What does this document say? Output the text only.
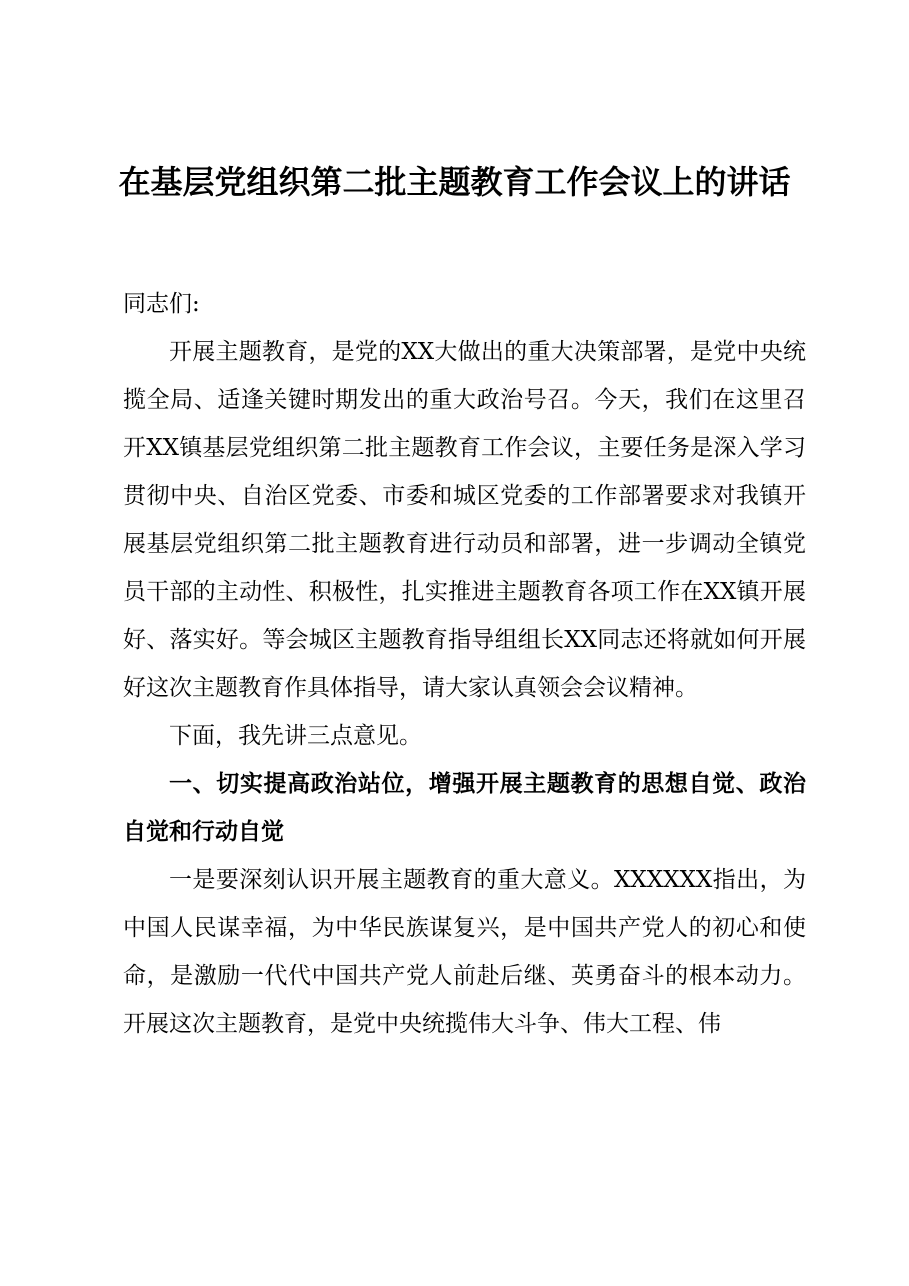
在基层党组织第二批主题教育工作会议上的讲话

同志们:

开展主题教育，是党的XX大做出的重大决策部署，是党中央统揽全局、适逢关键时期发出的重大政治号召。今天，我们在这里召开XX镇基层党组织第二批主题教育工作会议，主要任务是深入学习贯彻中央、自治区党委、市委和城区党委的工作部署要求对我镇开展基层党组织第二批主题教育进行动员和部署，进一步调动全镇党员干部的主动性、积极性，扎实推进主题教育各项工作在XX镇开展好、落实好。等会城区主题教育指导组组长XX同志还将就如何开展好这次主题教育作具体指导，请大家认真领会会议精神。

下面，我先讲三点意见。

一、切实提高政治站位，增强开展主题教育的思想自觉、政治自觉和行动自觉

一是要深刻认识开展主题教育的重大意义。XXXXXX指出，为中国人民谋幸福，为中华民族谋复兴，是中国共产党人的初心和使命，是激励一代代中国共产党人前赴后继、英勇奋斗的根本动力。开展这次主题教育，是党中央统揽伟大斗争、伟大工程、伟
